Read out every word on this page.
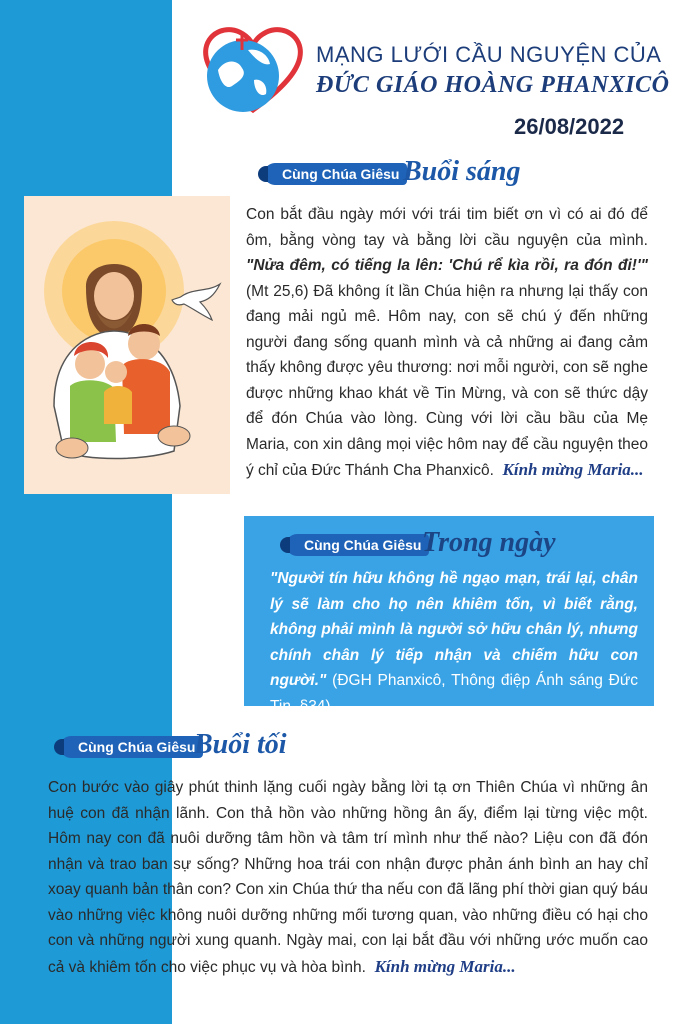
MẠNG LƯỚI CẦU NGUYỆN CỦA
ĐỨC GIÁO HOÀNG PHANXICÔ
26/08/2022
Cùng Chúa Giêsu Buổi sáng
Con bắt đầu ngày mới với trái tim biết ơn vì có ai đó để ôm, bằng vòng tay và bằng lời cầu nguyện của mình. "Nửa đêm, có tiếng la lên: 'Chú rể kìa rồi, ra đón đi!'" (Mt 25,6) Đã không ít lần Chúa hiện ra nhưng lại thấy con đang mải ngủ mê. Hôm nay, con sẽ chú ý đến những người đang sống quanh mình và cả những ai đang cảm thấy không được yêu thương: nơi mỗi người, con sẽ nghe được những khao khát về Tin Mừng, và con sẽ thức dậy để đón Chúa vào lòng. Cùng với lời cầu bầu của Mẹ Maria, con xin dâng mọi việc hôm nay để cầu nguyện theo ý chỉ của Đức Thánh Cha Phanxicô. Kính mừng Maria...
Cùng Chúa Giêsu Trong ngày
"Người tín hữu không hề ngạo mạn, trái lại, chân lý sẽ làm cho họ nên khiêm tốn, vì biết rằng, không phải mình là người sở hữu chân lý, nhưng chính chân lý tiếp nhận và chiếm hữu con người." (ĐGH Phanxicô, Thông điệp Ánh sáng Đức Tin, §34)
Cùng Chúa Giêsu
Buổi tối
Con bước vào giây phút thinh lặng cuối ngày bằng lời tạ ơn Thiên Chúa vì những ân huệ con đã nhận lãnh. Con thả hồn vào những hồng ân ấy, điểm lại từng việc một. Hôm nay con đã nuôi dưỡng tâm hồn và tâm trí mình như thế nào? Liệu con đã đón nhận và trao ban sự sống? Những hoa trái con nhận được phản ánh bình an hay chỉ xoay quanh bản thân con? Con xin Chúa thứ tha nếu con đã lãng phí thời gian quý báu vào những việc không nuôi dưỡng những mối tương quan, vào những điều có hại cho con và những người xung quanh. Ngày mai, con lại bắt đầu với những ước muốn cao cả và khiêm tốn cho việc phục vụ và hòa bình. Kính mừng Maria...
